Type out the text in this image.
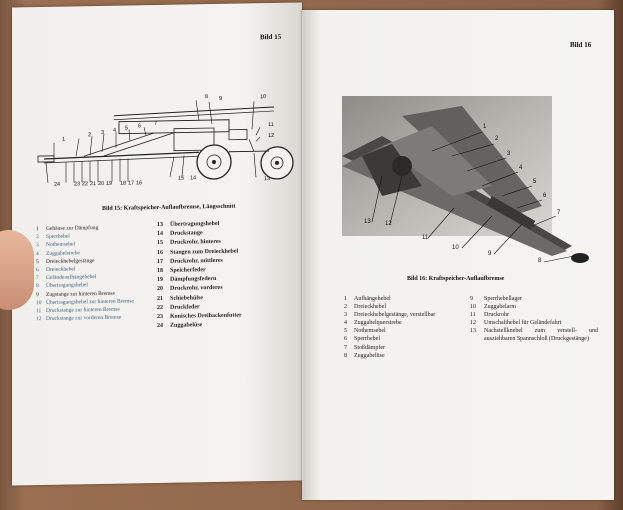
Bild 15
1
2 3 4 5 6 7
8 9	10
11
12
24	23 22 21 20 19 18 17 16
15 14	13
Bild 15: Kraftspeicher-Auflaufbremse, Längsschnitt
1	Gehäuse zur Dämpfung
2	Sperrhebel
3	Nothemsebel
4	Zuggabelstrebe
5	Dreieckhebelgestänge
6	Dreieckhebel
7	Geländeaufhängehebel
8	Übertragungshebel
9	Zugstange zur hinteren Bremse
10 Übertragungshebel zur hinteren Bremse
11 Druckstange zur hinteren Bremse
12 Druckstange zur vorderen Bremse
13	Übertragungshebel
14	Druckstange
15	Druckrohr, hinteres
16	Stangen zum Dreieckhebel
17	Druckrohr, mittleres
18	Speicherfeder
19	Dämpfungsfedern
20	Druckrohr, vorderes
21	Schiebehülse
22	Druckfeder
23	Konisches Dreibackenfutter
24	Zuggabelüse
Bild 16
1
2
3
4
5
6
7
8
9
10
11
12
13
Bild 16: Kraftspeicher-Auflaufbremse
1	Aufhängehebel
2	Dreieckhebel
3	Dreieckhebelgestänge, verstellbar
4	Zuggabelquerstrebe
5	Nothemsebel
6	Sperrhebel
7	Stoßdämpfer
8	Zuggabelüse
9	Sperrhebellager
10	Zuggabelarm
11	Druckrohr
12	Umschalthebel für Geländefahrt
13	Nachstellknebel zum verstell- und ausziehbaren Spannschloß (Druckgestänge)
